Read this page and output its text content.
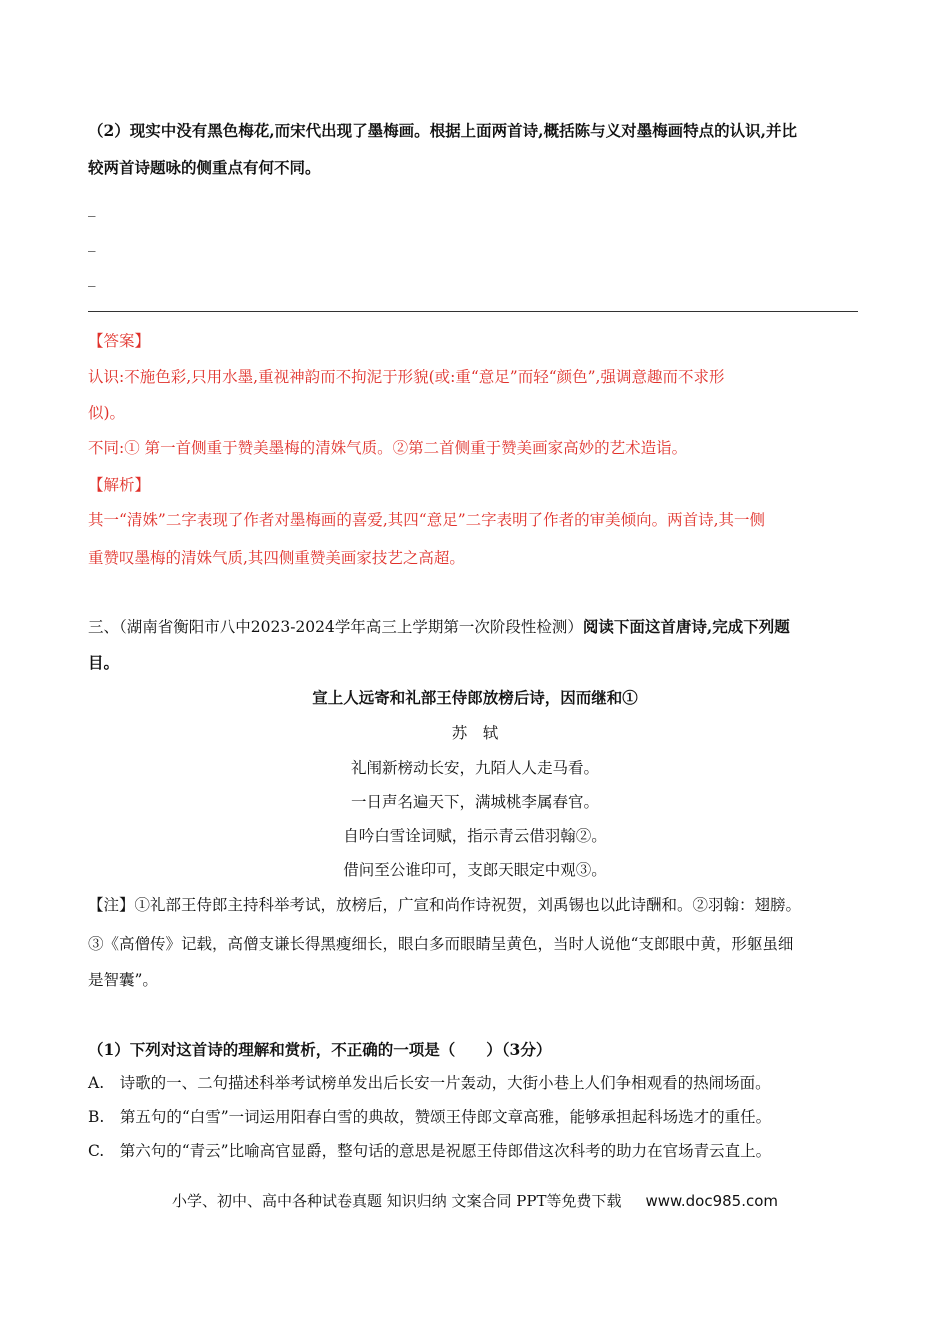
（2）现实中没有黑色梅花,而宋代出现了墨梅画。根据上面两首诗,概括陈与义对墨梅画特点的认识,并比
较两首诗题咏的侧重点有何不同。
_
_
_
【答案】
认识:不施色彩,只用水墨,重视神韵而不拘泥于形貌(或:重“意足”而轻“颜色”,强调意趣而不求形
似)。
不同:① 第一首侧重于赞美墨梅的清姝气质。②第二首侧重于赞美画家高妙的艺术造诣。
【解析】
其一“清姝”二字表现了作者对墨梅画的喜爱,其四“意足”二字表明了作者的审美倾向。两首诗,其一侧
重赞叹墨梅的清姝气质,其四侧重赞美画家技艺之高超。
三、（湖南省衡阳市八中2023-2024学年高三上学期第一次阶段性检测）阅读下面这首唐诗,完成下列题
目。
宣上人远寄和礼部王侍郎放榜后诗，因而继和①
苏　轼
礼闱新榜动长安，九陌人人走马看。
一日声名遍天下，满城桃李属春官。
自吟白雪诠词赋，指示青云借羽翰②。
借问至公谁印可，支郎天眼定中观③。
【注】①礼部王侍郎主持科举考试，放榜后，广宣和尚作诗祝贺，刘禹锡也以此诗酬和。②羽翰：翅膀。
③《高僧传》记载，高僧支谦长得黑瘦细长，眼白多而眼睛呈黄色，当时人说他“支郎眼中黄，形躯虽细
是智囊”。
（1）下列对这首诗的理解和赏析，不正确的一项是（　　）（3分）
A.　诗歌的一、二句描述科举考试榜单发出后长安一片轰动，大街小巷上人们争相观看的热闹场面。
B.　第五句的“白雪”一词运用阳春白雪的典故，赞颂王侍郎文章高雅，能够承担起科场选才的重任。
C.　第六句的“青云”比喻高官显爵，整句话的意思是祝愿王侍郎借这次科考的助力在官场青云直上。
小学、初中、高中各种试卷真题 知识归纳 文案合同 PPT等免费下载 www.doc985.com
